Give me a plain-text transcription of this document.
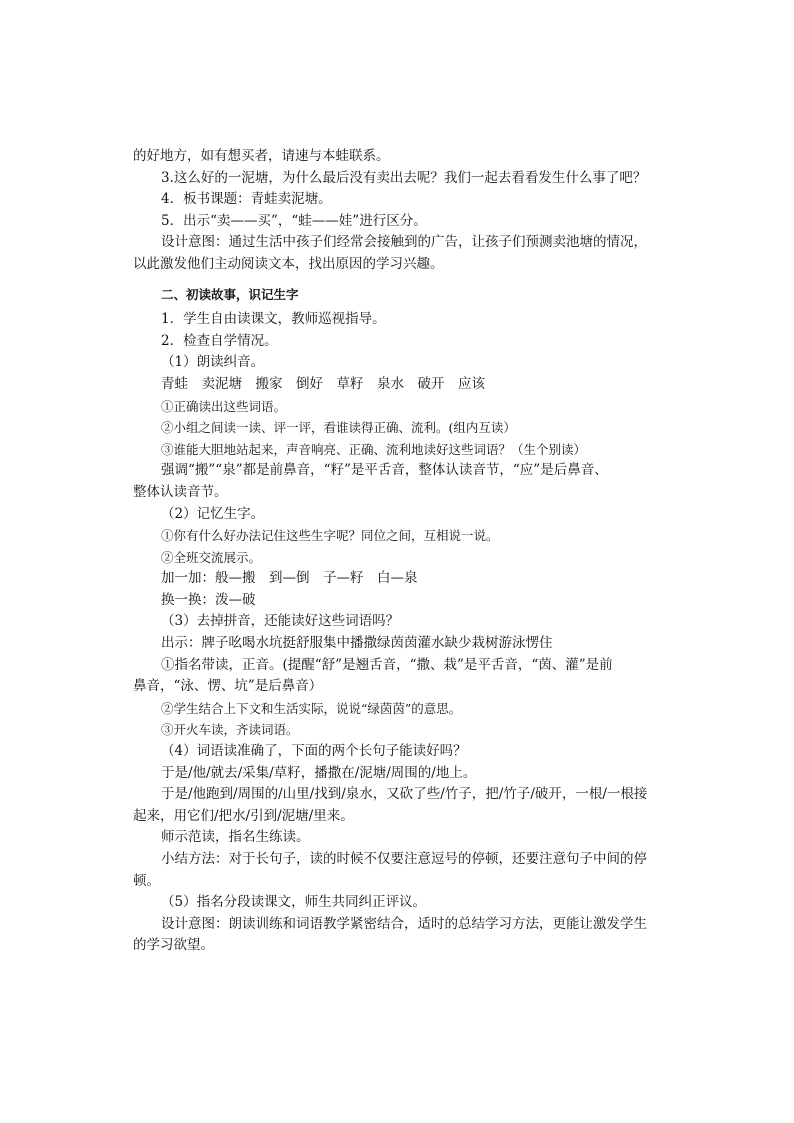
的好地方，如有想买者，请速与本蛙联系。
3.这么好的一泥塘，为什么最后没有卖出去呢？我们一起去看看发生什么事了吧？
4．板书课题：青蛙卖泥塘。
5．出示“卖——买”，“蛙——娃”进行区分。
设计意图：通过生活中孩子们经常会接触到的广告，让孩子们预测卖池塘的情况，
以此激发他们主动阅读文本，找出原因的学习兴趣。
二、初读故事，识记生字
1．学生自由读课文，教师巡视指导。
2．检查自学情况。
（1）朗读纠音。
青蛙　卖泥塘　搬家　倒好　草籽　泉水　破开　应该
①正确读出这些词语。
②小组之间读一读、评一评，看谁读得正确、流利。(组内互读）
③谁能大胆地站起来，声音响亮、正确、流利地读好这些词语？（生个别读）
强调“搬”“泉”都是前鼻音，“籽”是平舌音，整体认读音节，“应”是后鼻音、
整体认读音节。
（2）记忆生字。
①你有什么好办法记住这些生字呢？同位之间，互相说一说。
②全班交流展示。
加一加：般—搬　到—倒　子—籽　白—泉
换一换：泼—破
（3）去掉拼音，还能读好这些词语吗？
出示：牌子吆喝水坑挺舒服集中播撒绿茵茵灌水缺少栽树游泳愣住
①指名带读，正音。(提醒“舒”是翘舌音，“撒、栽”是平舌音，“茵、灌”是前
鼻音，“泳、愣、坑”是后鼻音）
②学生结合上下文和生活实际，说说“绿茵茵”的意思。
③开火车读，齐读词语。
（4）词语读准确了，下面的两个长句子能读好吗？
于是/他/就去/采集/草籽，播撒在/泥塘/周围的/地上。
于是/他跑到/周围的/山里/找到/泉水，又砍了些/竹子，把/竹子/破开，一根/一根接
起来，用它们/把水/引到/泥塘/里来。
师示范读，指名生练读。
小结方法：对于长句子，读的时候不仅要注意逗号的停顿，还要注意句子中间的停
顿。
（5）指名分段读课文，师生共同纠正评议。
设计意图：朗读训练和词语教学紧密结合，适时的总结学习方法，更能让激发学生
的学习欲望。
